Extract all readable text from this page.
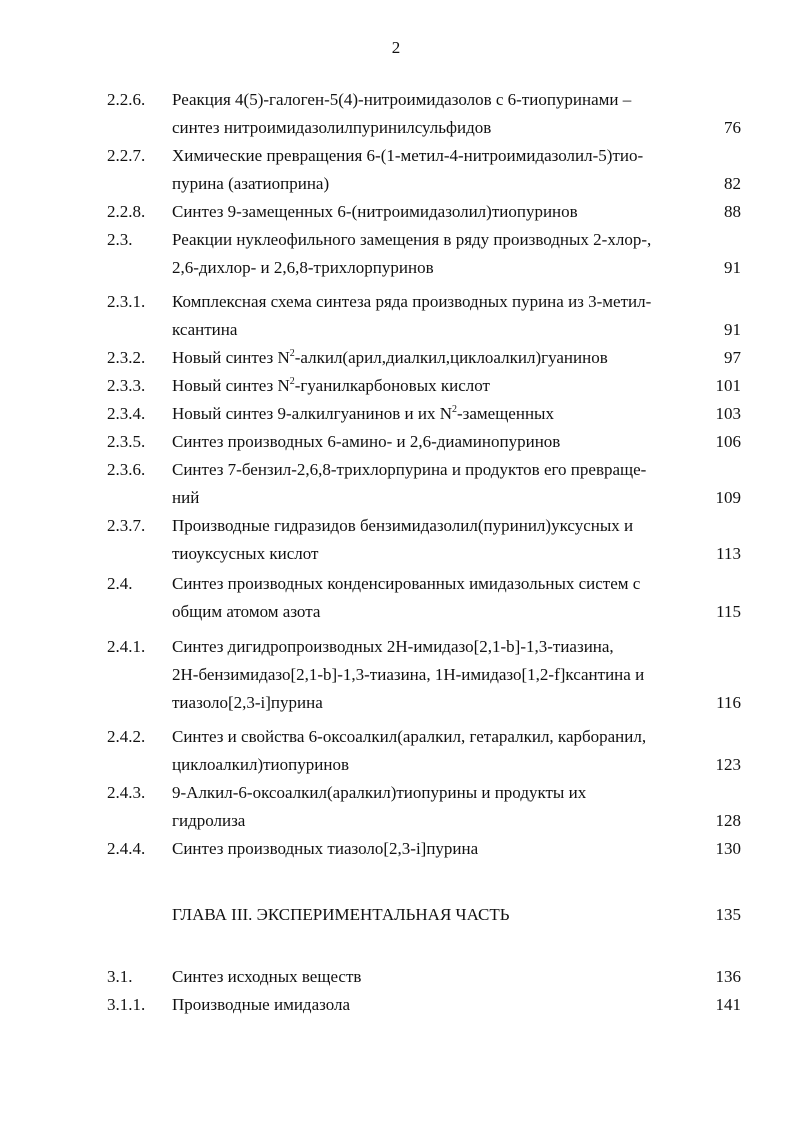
2
2.2.6. Реакция 4(5)-галоген-5(4)-нитроимидазолов с 6-тиопуринами –
синтез нитроимидазолилпуринилсульфидов	76
2.2.7. Химические превращения 6-(1-метил-4-нитроимидазолил-5)тио-
пурина (азатиоприна)	82
2.2.8. Синтез 9-замещенных 6-(нитроимидазолил)тиопуринов	88
2.3. Реакции нуклеофильного замещения в ряду производных 2-хлор-,
2,6-дихлор- и 2,6,8-трихлорпуринов	91
2.3.1. Комплексная схема синтеза ряда производных пурина из 3-метил-
ксантина	91
2.3.2. Новый синтез $N^2-алкил(арил,диалкил,циклоалкил)гуанинов$	97
2.3.3. Новый синтез $N^2$-гуанилкарбоновых кислот	101
2.3.4. Новый синтез 9-алкилгуанинов и их $N^2$-замещенных	103
2.3.5. Синтез производных 6-амино- и 2,6-диаминопуринов	106
2.3.6. Синтез 7-бензил-2,6,8-трихлорпурина и продуктов его превраще-
ний	109
2.3.7. Производные гидразидов бензимидазолил(пуринил)уксусных и
тиоуксусных кислот	113
2.4. Синтез производных конденсированных имидазольных систем с
общим атомом азота	115
2.4.1. Синтез дигидропроизводных 2Н-имидазо[2,1-b]-1,3-тиазина,
2Н-бензимидазо[2,1-b]-1,3-тиазина, 1Н-имидазо[1,2-f]ксантина и
тиазоло[2,3-i]пурина	116
2.4.2. Синтез и свойства 6-оксоалкил(аралкил, гетаралкил, карборанил,
циклоалкил)тиопуринов	123
2.4.3. 9-Алкил-6-оксоалкил(аралкил)тиопурины и продукты их
гидролиза	128
2.4.4. Синтез производных тиазоло[2,3-i]пурина	130
ГЛАВА III. ЭКСПЕРИМЕНТАЛЬНАЯ ЧАСТЬ	135
3.1. Синтез исходных веществ	136
3.1.1. Производные имидазола	141
